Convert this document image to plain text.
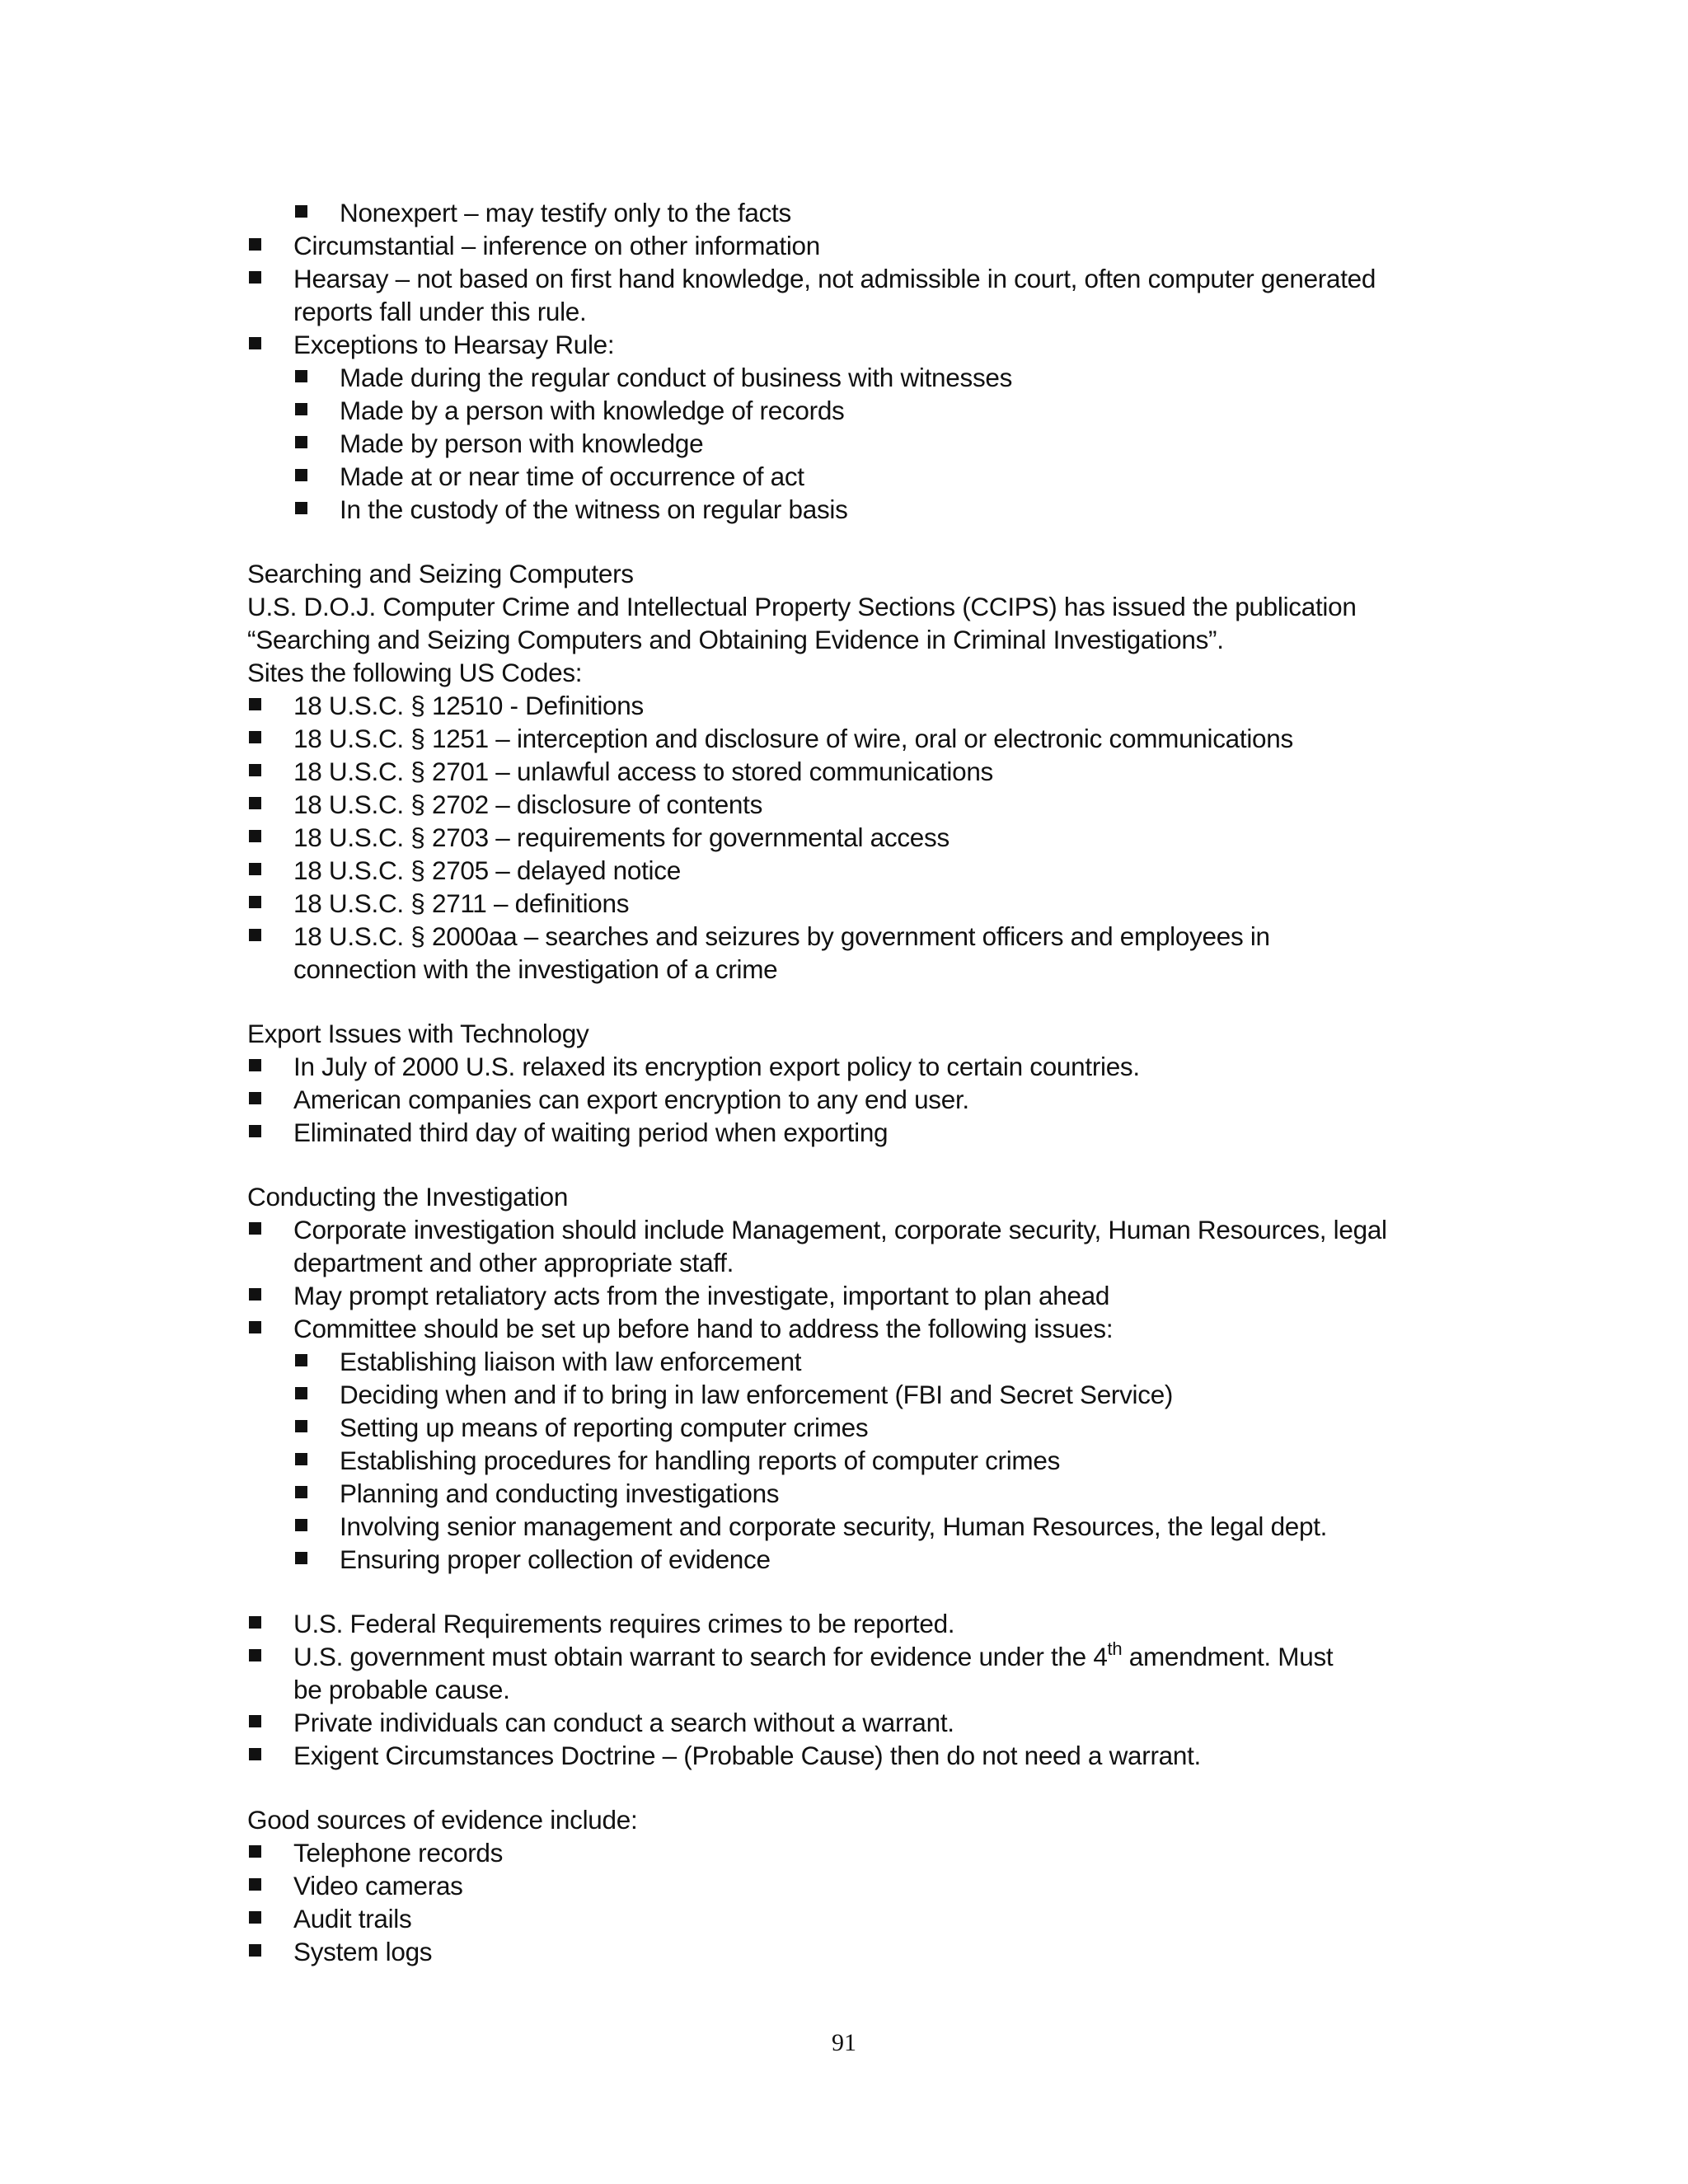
Nonexpert – may testify only to the facts
Circumstantial – inference on other information
Hearsay – not based on first hand knowledge, not admissible in court, often computer generated
reports fall under this rule.
Exceptions to Hearsay Rule:
Made during the regular conduct of business with witnesses
Made by a person with knowledge of records
Made by person with knowledge
Made at or near time of occurrence of act
In the custody of the witness on regular basis
Searching and Seizing Computers
U.S. D.O.J. Computer Crime and Intellectual Property Sections (CCIPS) has issued the publication
“Searching and Seizing Computers and Obtaining Evidence in Criminal Investigations”.
Sites the following US Codes:
18 U.S.C. § 12510 - Definitions
18 U.S.C. § 1251 – interception and disclosure of wire, oral or electronic communications
18 U.S.C. § 2701 – unlawful access to stored communications
18 U.S.C. § 2702 – disclosure of contents
18 U.S.C. § 2703 – requirements for governmental access
18 U.S.C. § 2705 – delayed notice
18 U.S.C. § 2711 – definitions
18 U.S.C. § 2000aa – searches and seizures by government officers and employees in
connection with the investigation of a crime
Export Issues with Technology
In July of 2000 U.S. relaxed its encryption export policy to certain countries.
American companies can export encryption to any end user.
Eliminated third day of waiting period when exporting
Conducting the Investigation
Corporate investigation should include Management, corporate security, Human Resources, legal
department and other appropriate staff.
May prompt retaliatory acts from the investigate, important to plan ahead
Committee should be set up before hand to address the following issues:
Establishing liaison with law enforcement
Deciding when and if to bring in law enforcement (FBI and Secret Service)
Setting up means of reporting computer crimes
Establishing procedures for handling reports of computer crimes
Planning and conducting investigations
Involving senior management and corporate security, Human Resources, the legal dept.
Ensuring proper collection of evidence
U.S. Federal Requirements requires crimes to be reported.
U.S. government must obtain warrant to search for evidence under the 4th amendment. Must
be probable cause.
Private individuals can conduct a search without a warrant.
Exigent Circumstances Doctrine – (Probable Cause) then do not need a warrant.
Good sources of evidence include:
Telephone records
Video cameras
Audit trails
System logs
91
